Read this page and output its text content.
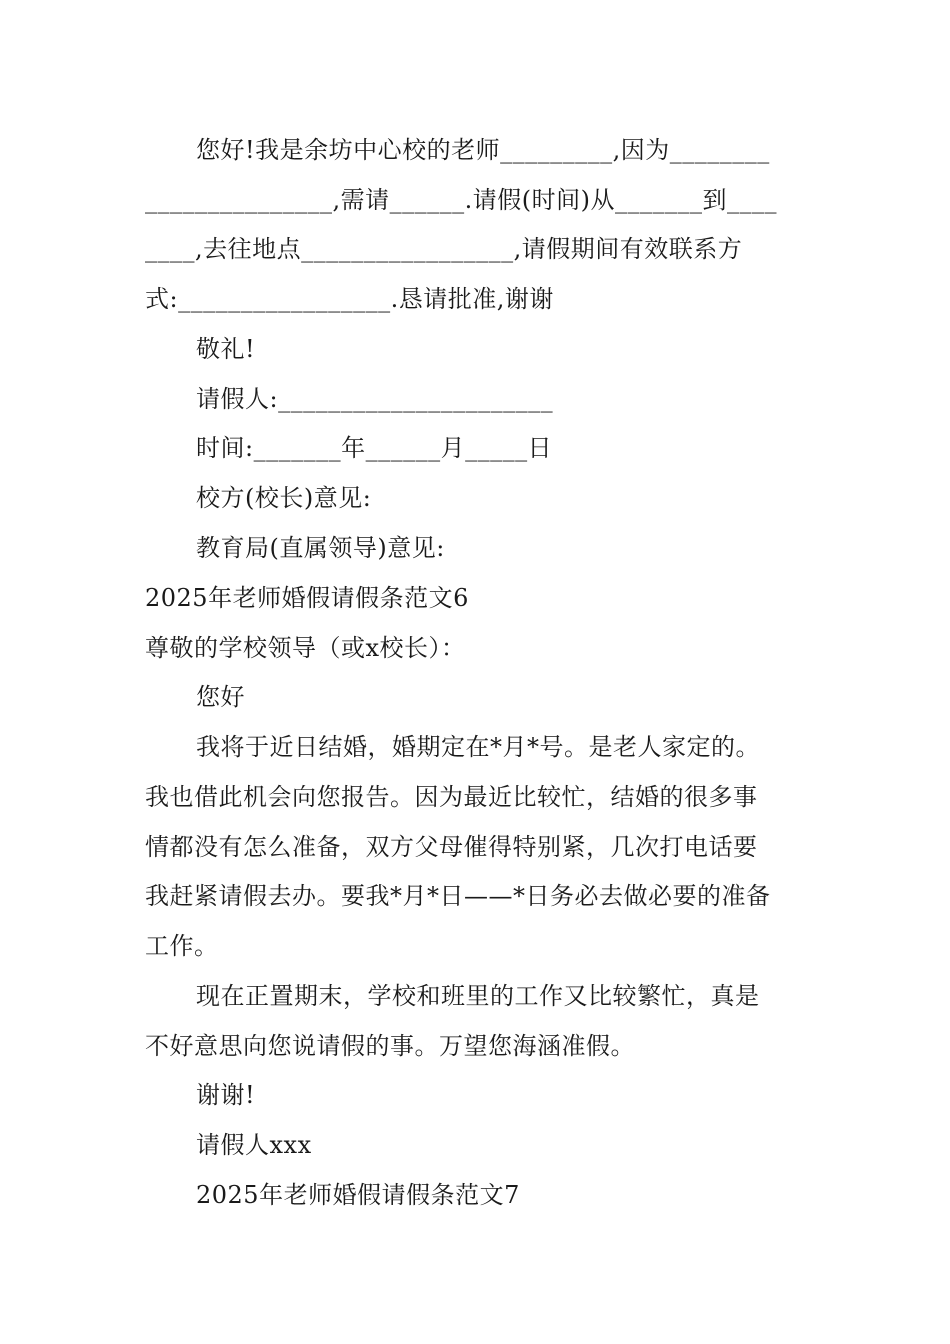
您好!我是余坊中心校的老师_________,因为________
_______________,需请______.请假(时间)从_______到____
____,去往地点_________________,请假期间有效联系方
式:_________________.恳请批准,谢谢
敬礼!
请假人:______________________
时间:_______年______月_____日
校方(校长)意见:
教育局(直属领导)意见:
2025年老师婚假请假条范文6
尊敬的学校领导（或x校长）：
您好
我将于近日结婚，婚期定在*月*号。是老人家定的。
我也借此机会向您报告。因为最近比较忙，结婚的很多事
情都没有怎么准备，双方父母催得特别紧，几次打电话要
我赶紧请假去办。要我*月*日——*日务必去做必要的准备
工作。
现在正置期末，学校和班里的工作又比较繁忙，真是
不好意思向您说请假的事。万望您海涵准假。
谢谢!
请假人xxx
2025年老师婚假请假条范文7
